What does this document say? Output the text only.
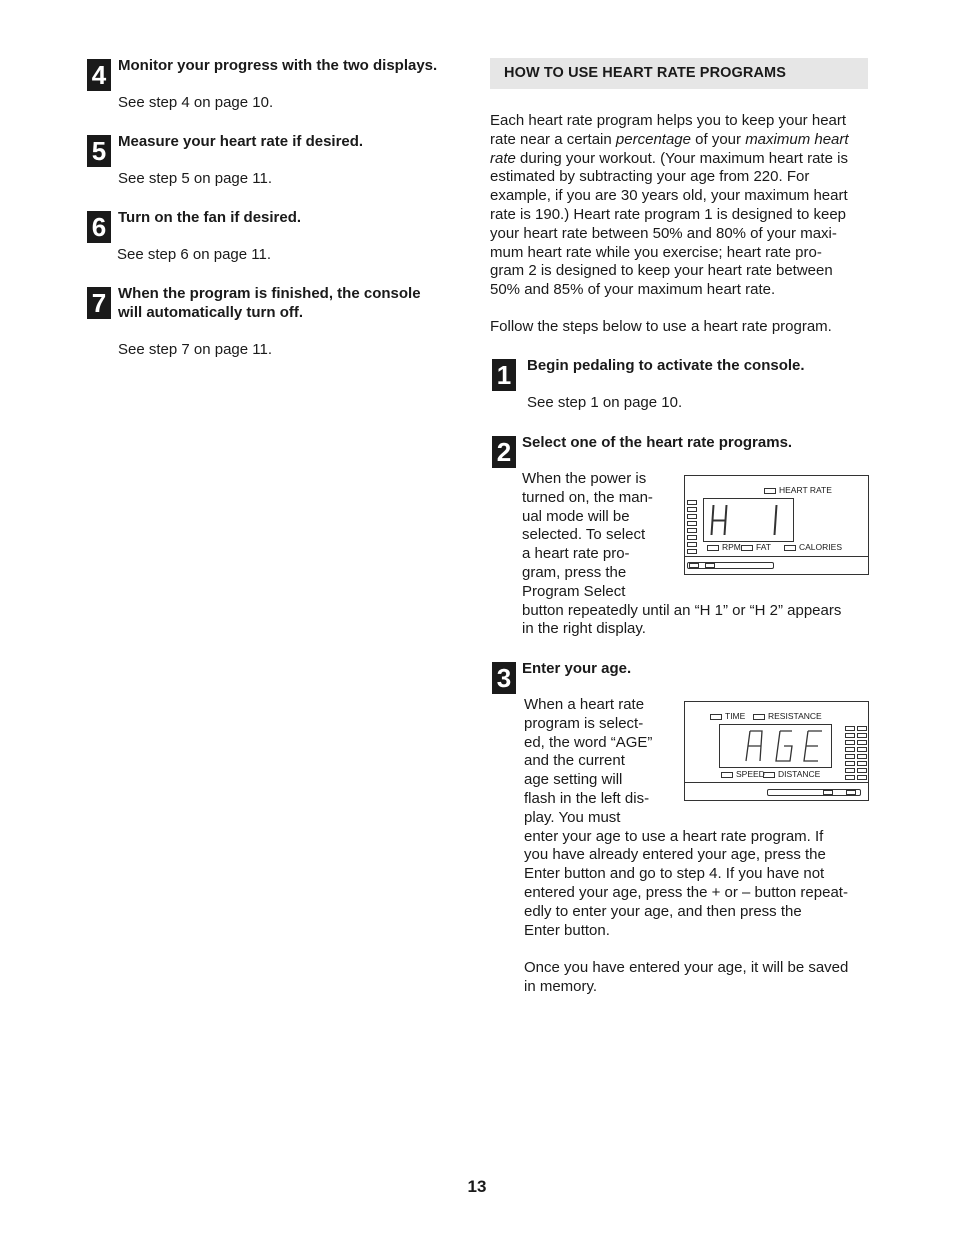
4 Monitor your progress with the two displays.
See step 4 on page 10.
5 Measure your heart rate if desired.
See step 5 on page 11.
6 Turn on the fan if desired.
See step 6 on page 11.
7 When the program is finished, the console
will automatically turn off.
See step 7 on page 11.
HOW TO USE HEART RATE PROGRAMS
Each heart rate program helps you to keep your heart
rate near a certain percentage of your maximum heart
rate during your workout. (Your maximum heart rate is
estimated by subtracting your age from 220. For
example, if you are 30 years old, your maximum heart
rate is 190.) Heart rate program 1 is designed to keep
your heart rate between 50% and 80% of your maxi-
mum heart rate while you exercise; heart rate pro-
gram 2 is designed to keep your heart rate between
50% and 85% of your maximum heart rate.
Follow the steps below to use a heart rate program.
1	Begin pedaling to activate the console.
See step 1 on page 10.
2 Select one of the heart rate programs.
When the power is
turned on, the man-
ual mode will be
selected. To select
a heart rate pro-
gram, press the
Program Select
button repeatedly until an “H 1” or “H 2” appears
in the right display.
HEART RATE
RPM	FAT	CALORIES
3 Enter your age.
When a heart rate
program is select-
ed, the word “AGE”
and the current
age setting will
flash in the left dis-
play. You must
enter your age to use a heart rate program. If
you have already entered your age, press the
Enter button and go to step 4. If you have not
entered your age, press the + or – button repeat-
edly to enter your age, and then press the
Enter button.
Once you have entered your age, it will be saved
in memory.
TIME	RESISTANCE
SPEED	DISTANCE
13
